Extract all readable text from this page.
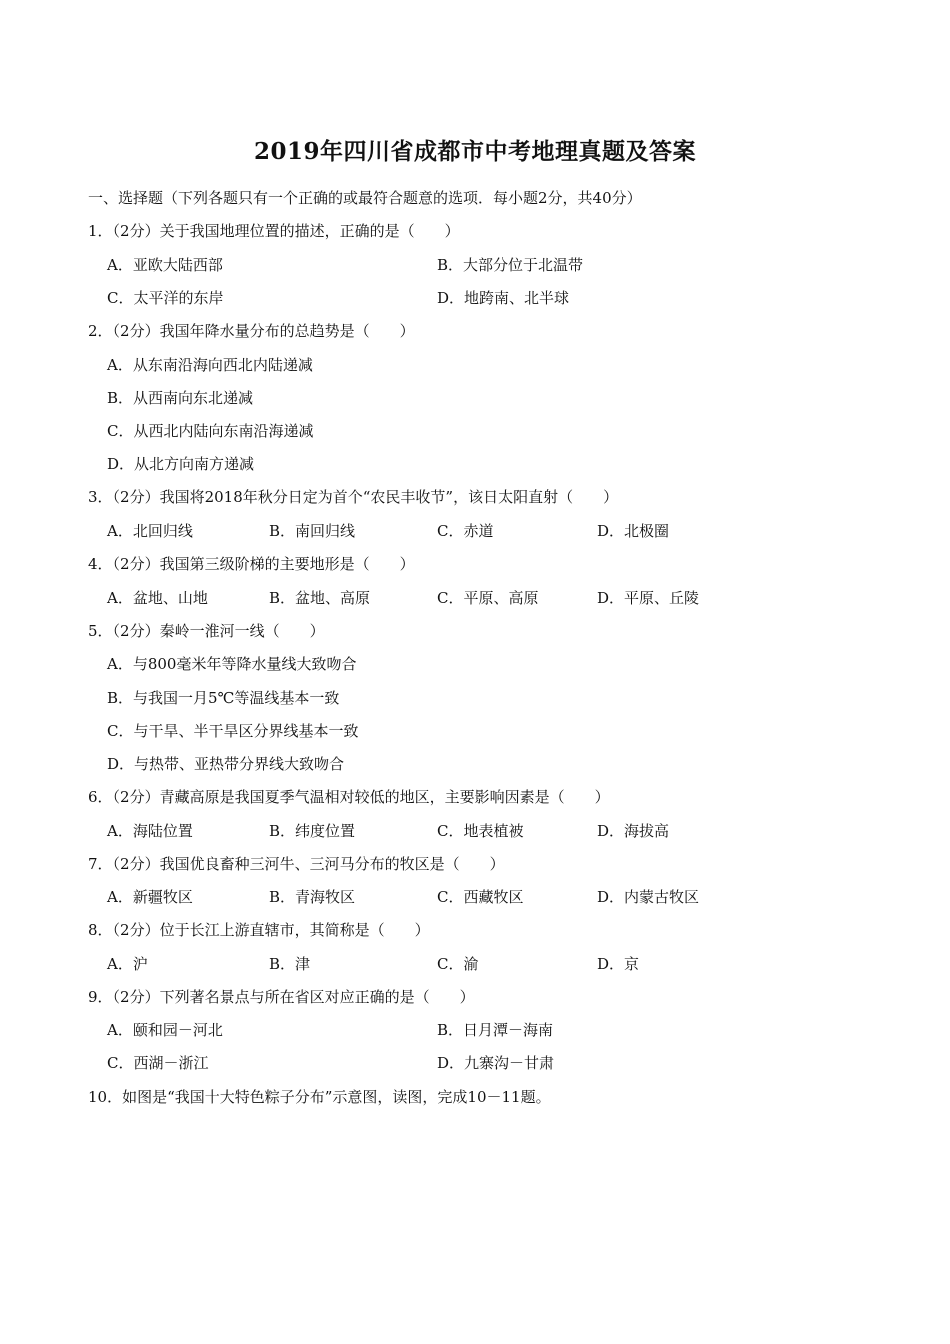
2019年四川省成都市中考地理真题及答案
一、选择题（下列各题只有一个正确的或最符合题意的选项．每小题2分，共40分）
1．（2分）关于我国地理位置的描述，正确的是（　　）
A．亚欧大陆西部	B．大部分位于北温带
C．太平洋的东岸	D．地跨南、北半球
2．（2分）我国年降水量分布的总趋势是（　　）
A．从东南沿海向西北内陆递减
B．从西南向东北递减
C．从西北内陆向东南沿海递减
D．从北方向南方递减
3．（2分）我国将2018年秋分日定为首个“农民丰收节”，该日太阳直射（　　）
A．北回归线	B．南回归线	C．赤道	D．北极圈
4．（2分）我国第三级阶梯的主要地形是（　　）
A．盆地、山地	B．盆地、高原	C．平原、高原	D．平原、丘陵
5．（2分）秦岭一淮河一线（　　）
A．与800毫米年等降水量线大致吻合
B．与我国一月5℃等温线基本一致
C．与干旱、半干旱区分界线基本一致
D．与热带、亚热带分界线大致吻合
6．（2分）青藏高原是我国夏季气温相对较低的地区，主要影响因素是（　　）
A．海陆位置	B．纬度位置	C．地表植被	D．海拔高
7．（2分）我国优良畜种三河牛、三河马分布的牧区是（　　）
A．新疆牧区	B．青海牧区	C．西藏牧区	D．内蒙古牧区
8．（2分）位于长江上游直辖市，其简称是（　　）
A．沪	B．津	C．渝	D．京
9．（2分）下列著名景点与所在省区对应正确的是（　　）
A．颐和园－河北	B．日月潭－海南
C．西湖－浙江	D．九寨沟－甘肃
10．如图是“我国十大特色粽子分布”示意图，读图，完成10－11题。
